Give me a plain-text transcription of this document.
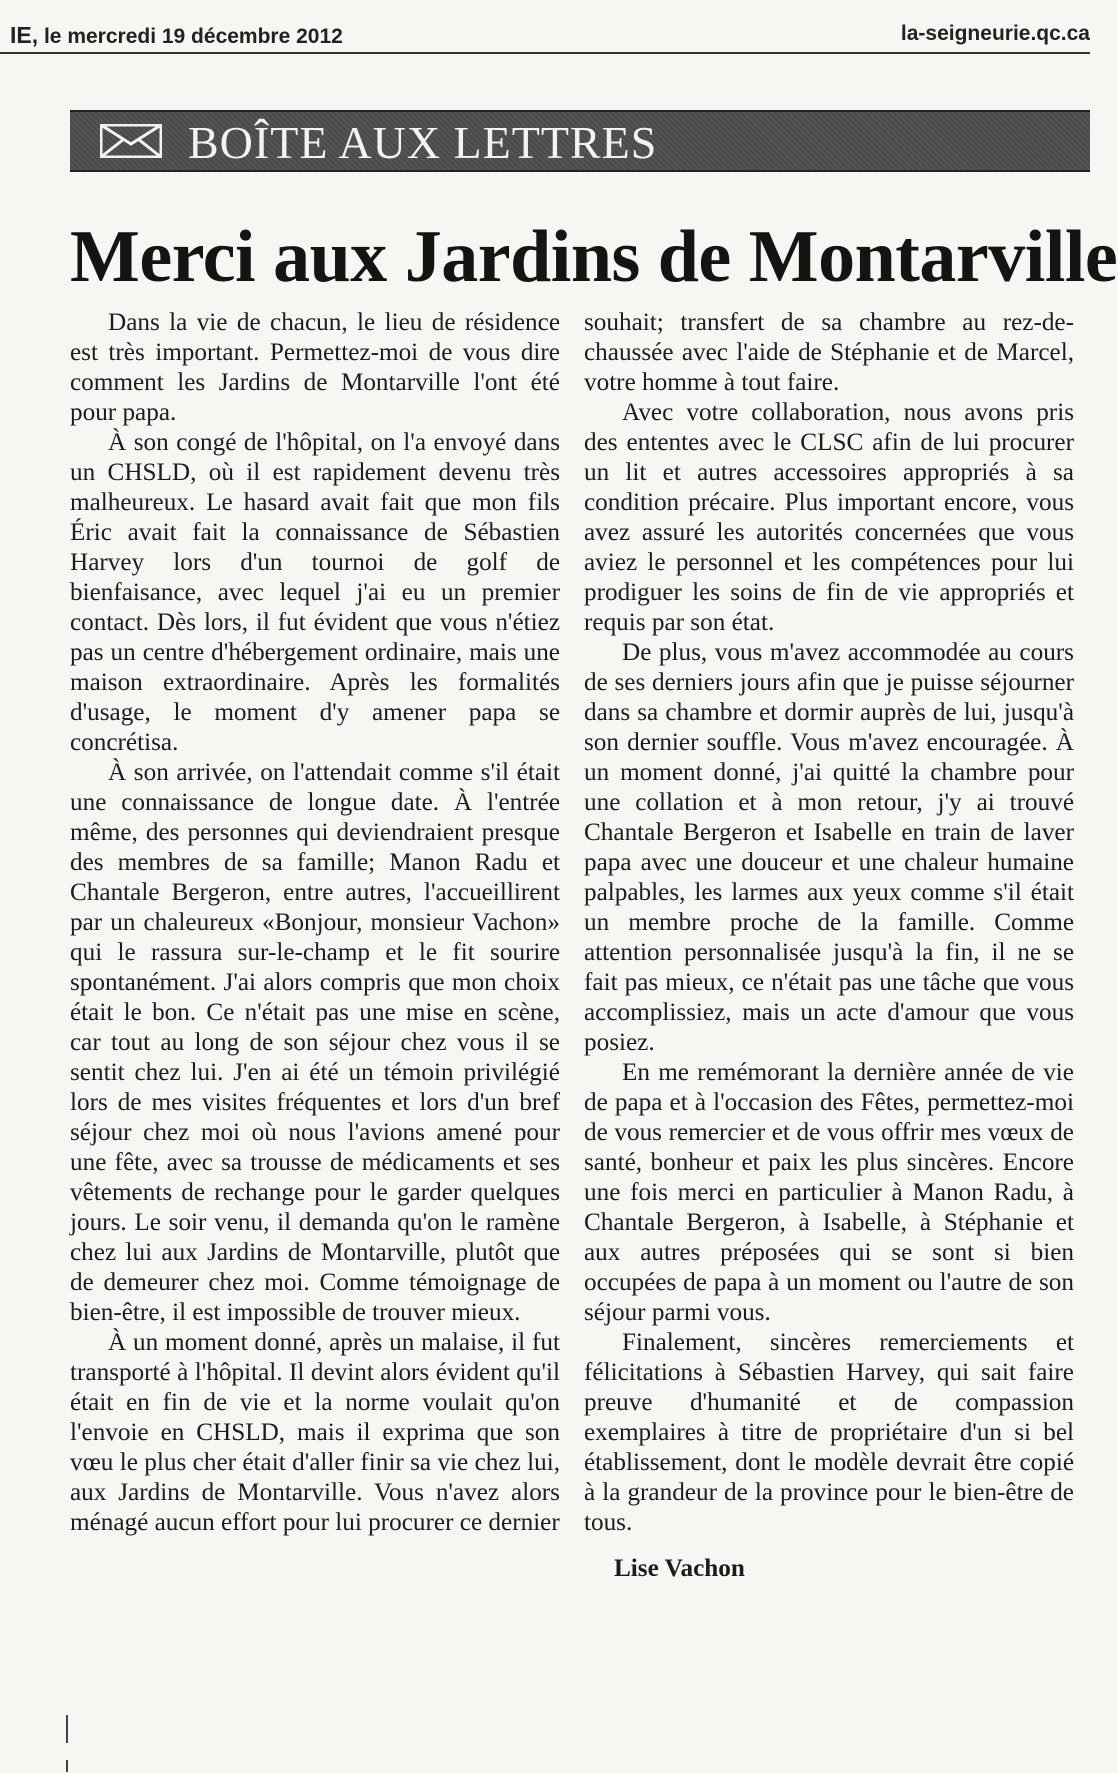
IE, le mercredi 19 décembre 2012	la-seigneurie.qc.ca
BOÎTE AUX LETTRES
Merci aux Jardins de Montarville

Dans la vie de chacun, le lieu de résidence est très important. Permettez-moi de vous dire comment les Jardins de Montarville l'ont été pour papa.

À son congé de l'hôpital, on l'a envoyé dans un CHSLD, où il est rapidement devenu très malheureux. Le hasard avait fait que mon fils Éric avait fait la connaissance de Sébastien Harvey lors d'un tournoi de golf de bienfaisance, avec lequel j'ai eu un premier contact. Dès lors, il fut évident que vous n'étiez pas un centre d'hébergement ordinaire, mais une maison extraordinaire. Après les formalités d'usage, le moment d'y amener papa se concrétisa.

À son arrivée, on l'attendait comme s'il était une connaissance de longue date. À l'entrée même, des personnes qui deviendraient presque des membres de sa famille; Manon Radu et Chantale Bergeron, entre autres, l'accueillirent par un chaleureux «Bonjour, monsieur Vachon» qui le rassura sur-le-champ et le fit sourire spontanément. J'ai alors compris que mon choix était le bon. Ce n'était pas une mise en scène, car tout au long de son séjour chez vous il se sentit chez lui. J'en ai été un témoin privilégié lors de mes visites fréquentes et lors d'un bref séjour chez moi où nous l'avions amené pour une fête, avec sa trousse de médicaments et ses vêtements de rechange pour le garder quelques jours. Le soir venu, il demanda qu'on le ramène chez lui aux Jardins de Montarville, plutôt que de demeurer chez moi. Comme témoignage de bien-être, il est impossible de trouver mieux.

À un moment donné, après un malaise, il fut transporté à l'hôpital. Il devint alors évident qu'il était en fin de vie et la norme voulait qu'on l'envoie en CHSLD, mais il exprima que son vœu le plus cher était d'aller finir sa vie chez lui, aux Jardins de Montarville. Vous n'avez alors ménagé aucun effort pour lui procurer ce dernier

souhait; transfert de sa chambre au rez-de-chaussée avec l'aide de Stéphanie et de Marcel, votre homme à tout faire.

Avec votre collaboration, nous avons pris des ententes avec le CLSC afin de lui procurer un lit et autres accessoires appropriés à sa condition précaire. Plus important encore, vous avez assuré les autorités concernées que vous aviez le personnel et les compétences pour lui prodiguer les soins de fin de vie appropriés et requis par son état.

De plus, vous m'avez accommodée au cours de ses derniers jours afin que je puisse séjourner dans sa chambre et dormir auprès de lui, jusqu'à son dernier souffle. Vous m'avez encouragée. À un moment donné, j'ai quitté la chambre pour une collation et à mon retour, j'y ai trouvé Chantale Bergeron et Isabelle en train de laver papa avec une douceur et une chaleur humaine palpables, les larmes aux yeux comme s'il était un membre proche de la famille. Comme attention personnalisée jusqu'à la fin, il ne se fait pas mieux, ce n'était pas une tâche que vous accomplissiez, mais un acte d'amour que vous posiez.

En me remémorant la dernière année de vie de papa et à l'occasion des Fêtes, permettez-moi de vous remercier et de vous offrir mes vœux de santé, bonheur et paix les plus sincères. Encore une fois merci en particulier à Manon Radu, à Chantale Bergeron, à Isabelle, à Stéphanie et aux autres préposées qui se sont si bien occupées de papa à un moment ou l'autre de son séjour parmi vous.

Finalement, sincères remerciements et félicitations à Sébastien Harvey, qui sait faire preuve d'humanité et de compassion exemplaires à titre de propriétaire d'un si bel établissement, dont le modèle devrait être copié à la grandeur de la province pour le bien-être de tous.

Lise Vachon
